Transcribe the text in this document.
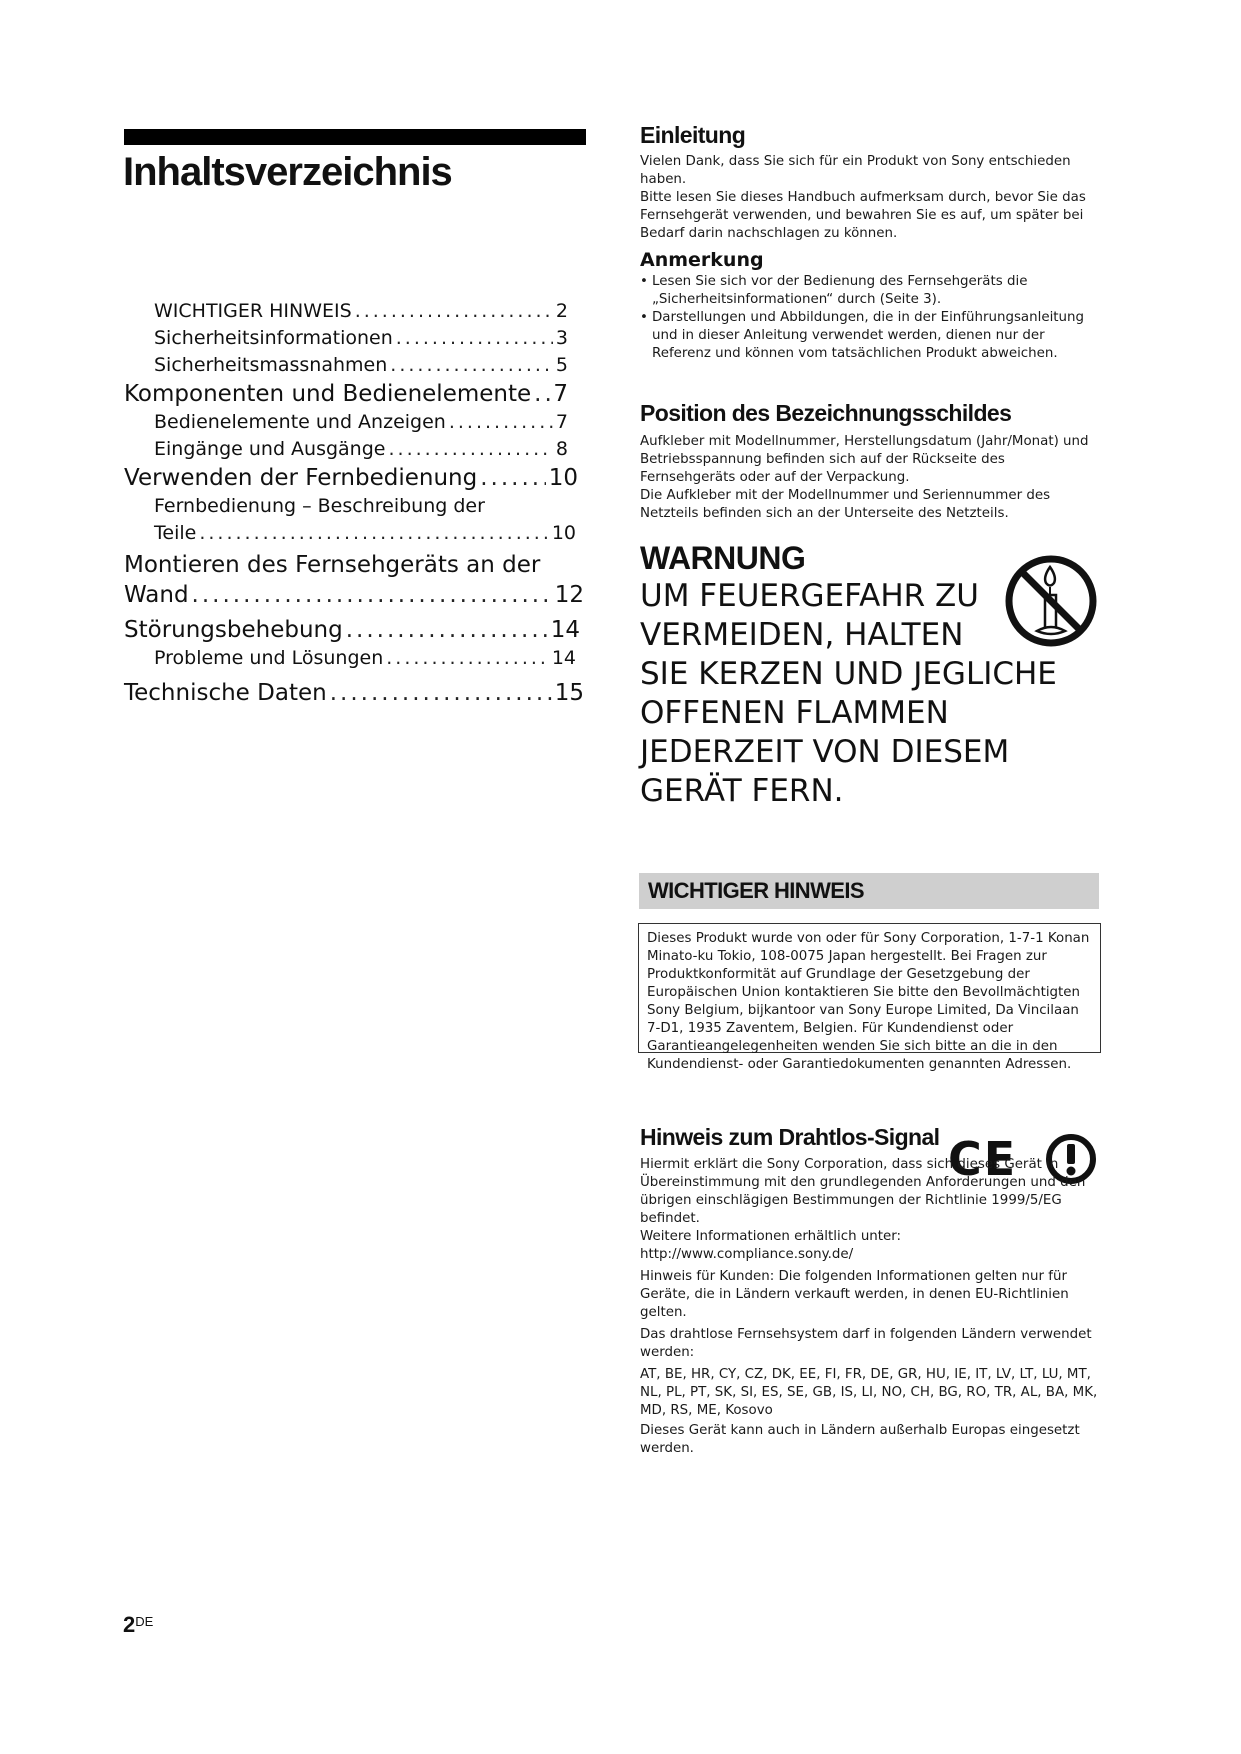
Inhaltsverzeichnis
WICHTIGER HINWEIS .....	2
Sicherheitsinformationen .....	3
Sicherheitsmassnahmen .....	5
Komponenten und Bedienelemente ..... 7
Bedienelemente und Anzeigen .....	7
Eingänge und Ausgänge .....	8
Verwenden der Fernbedienung .....	10
Fernbedienung – Beschreibung der
Teile .....	10
Montieren des Fernsehgeräts an der
Wand .....	12
Störungsbehebung .....	14
Probleme und Lösungen .....	14
Technische Daten .....	15
Einleitung

Vielen Dank, dass Sie sich für ein Produkt von Sony entschieden haben.

Bitte lesen Sie dieses Handbuch aufmerksam durch, bevor Sie das Fernsehgerät verwenden, und bewahren Sie es auf, um später bei Bedarf darin nachschlagen zu können.

Anmerkung
• Lesen Sie sich vor der Bedienung des Fernsehgeräts die „Sicherheitsinformationen“ durch (Seite 3).
• Darstellungen und Abbildungen, die in der Einführungsanleitung und in dieser Anleitung verwendet werden, dienen nur der Referenz und können vom tatsächlichen Produkt abweichen.
Position des Bezeichnungsschildes

Aufkleber mit Modellnummer, Herstellungsdatum (Jahr/Monat) und Betriebsspannung befinden sich auf der Rückseite des Fernsehgeräts oder auf der Verpackung.

Die Aufkleber mit der Modellnummer und Seriennummer des Netzteils befinden sich an der Unterseite des Netzteils.

WARNUNG

UM FEUERGEFAHR ZU

VERMEIDEN, HALTEN

SIE KERZEN UND JEGLICHE

OFFENEN FLAMMEN

JEDERZEIT VON DIESEM

GERÄT FERN.

WICHTIGER HINWEIS

Dieses Produkt wurde von oder für Sony Corporation, 1-7-1 Konan Minato-ku Tokio, 108-0075 Japan hergestellt. Bei Fragen zur Produktkonformität auf Grundlage der Gesetzgebung der Europäischen Union kontaktieren Sie bitte den Bevollmächtigten Sony Belgium, bijkantoor van Sony Europe Limited, Da Vincilaan 7-D1, 1935 Zaventem, Belgien. Für Kundendienst oder Garantieangelegenheiten wenden Sie sich bitte an die in den Kundendienst- oder Garantiedokumenten genannten Adressen.

Hinweis zum Drahtlos-Signal CE

Hiermit erklärt die Sony Corporation, dass sich dieses Gerät in Übereinstimmung mit den grundlegenden Anforderungen und den übrigen einschlägigen Bestimmungen der Richtlinie 1999/5/EG befindet.

Weitere Informationen erhältlich unter:

http://www.compliance.sony.de/

Hinweis für Kunden: Die folgenden Informationen gelten nur für Geräte, die in Ländern verkauft werden, in denen EU-Richtlinien gelten.

Das drahtlose Fernsehsystem darf in folgenden Ländern verwendet werden:

AT, BE, HR, CY, CZ, DK, EE, FI, FR, DE, GR, HU, IE, IT, LV, LT, LU, MT, NL, PL, PT, SK, SI, ES, SE, GB, IS, LI, NO, CH, BG, RO, TR, AL, BA, MK, MD, RS, ME, Kosovo

Dieses Gerät kann auch in Ländern außerhalb Europas eingesetzt werden.

2DE
